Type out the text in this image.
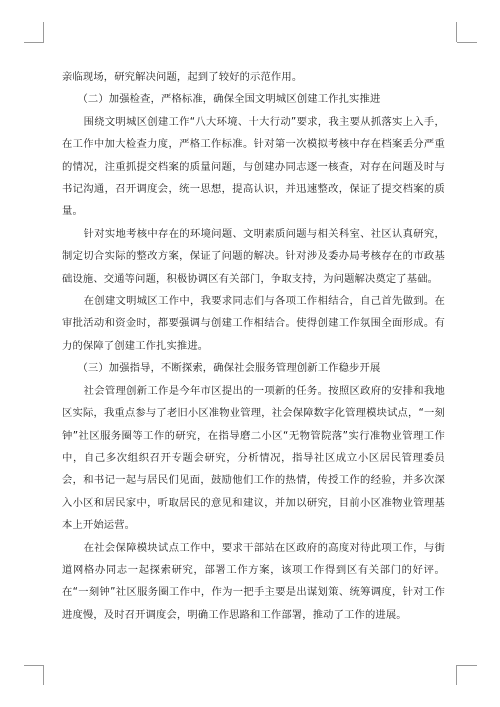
亲临现场，研究解决问题，起到了较好的示范作用。

（二）加强检查，严格标准，确保全国文明城区创建工作扎实推进

围绕文明城区创建工作“八大环境、十大行动”要求，我主要从抓落实上入手，在工作中加大检查力度，严格工作标准。针对第一次模拟考核中存在档案丢分严重的情况，注重抓提交档案的质量问题，与创建办同志逐一核查，对存在问题及时与书记沟通，召开调度会，统一思想，提高认识，并迅速整改，保证了提交档案的质量。

针对实地考核中存在的环境问题、文明素质问题与相关科室、社区认真研究，制定切合实际的整改方案，保证了问题的解决。针对涉及委办局考核存在的市政基础设施、交通等问题，积极协调区有关部门，争取支持，为问题解决奠定了基础。

在创建文明城区工作中，我要求同志们与各项工作相结合，自己首先做到。在审批活动和资金时，都要强调与创建工作相结合。使得创建工作氛围全面形成。有力的保障了创建工作扎实推进。

（三）加强指导，不断探索，确保社会服务管理创新工作稳步开展

社会管理创新工作是今年市区提出的一项新的任务。按照区政府的安排和我地区实际，我重点参与了老旧小区准物业管理，社会保障数字化管理模块试点，“一刻钟”社区服务圈等工作的研究，在指导磨二小区“无物管院落”实行准物业管理工作中，自己多次组织召开专题会研究，分析情况，指导社区成立小区居民管理委员会，和书记一起与居民们见面，鼓励他们工作的热情，传授工作的经验，并多次深入小区和居民家中，听取居民的意见和建议，并加以研究，目前小区准物业管理基本上开始运营。

在社会保障模块试点工作中，要求干部站在区政府的高度对待此项工作，与街道网格办同志一起探索研究，部署工作方案，该项工作得到区有关部门的好评。在“一刻钟”社区服务圈工作中，作为一把手主要是出谋划策、统筹调度，针对工作进度慢，及时召开调度会，明确工作思路和工作部署，推动了工作的进展。
